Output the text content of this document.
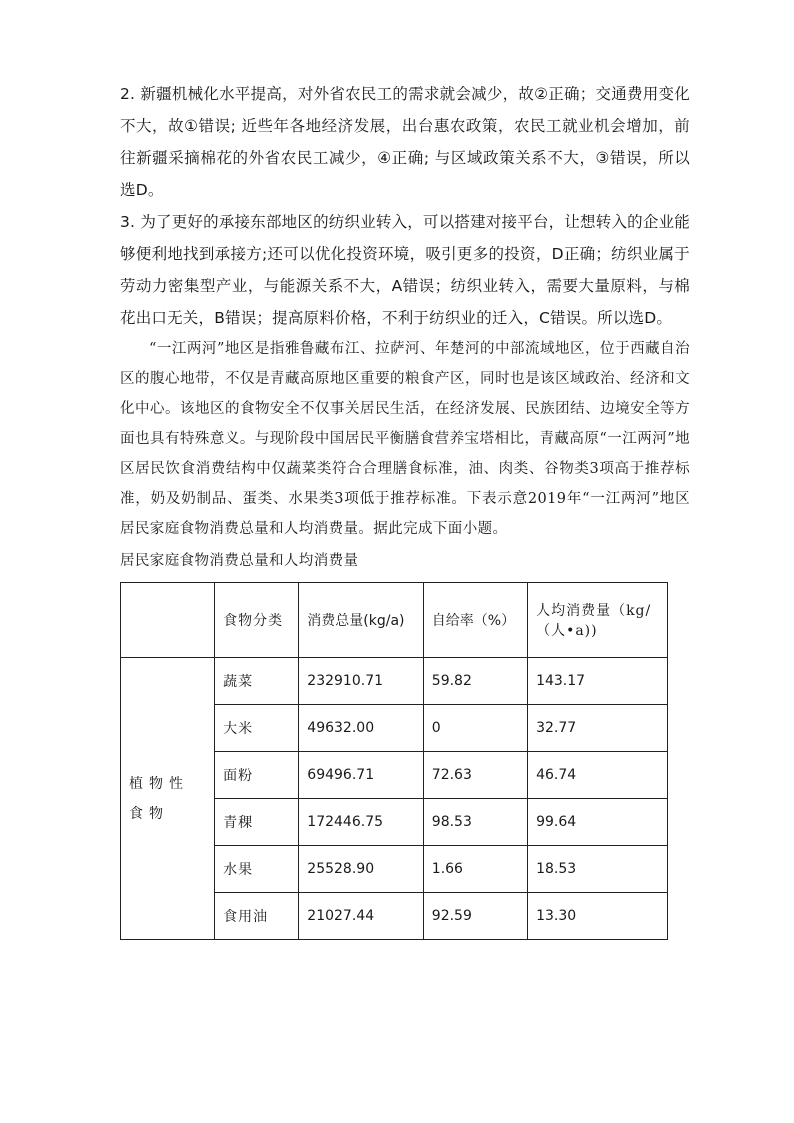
2. 新疆机械化水平提高，对外省农民工的需求就会减少，故②正确；交通费用变化不大，故①错误; 近些年各地经济发展，出台惠农政策，农民工就业机会增加，前往新疆采摘棉花的外省农民工减少，④正确; 与区域政策关系不大，③错误，所以选D。

3. 为了更好的承接东部地区的纺织业转入，可以搭建对接平台，让想转入的企业能够便利地找到承接方;还可以优化投资环境，吸引更多的投资，D正确；纺织业属于劳动力密集型产业，与能源关系不大，A错误；纺织业转入，需要大量原料，与棉花出口无关，B错误；提高原料价格，不利于纺织业的迁入，C错误。所以选D。

“一江两河”地区是指雅鲁藏布江、拉萨河、年楚河的中部流域地区，位于西藏自治区的腹心地带，不仅是青藏高原地区重要的粮食产区，同时也是该区域政治、经济和文化中心。该地区的食物安全不仅事关居民生活，在经济发展、民族团结、边境安全等方面也具有特殊意义。与现阶段中国居民平衡膳食营养宝塔相比，青藏高原“一江两河”地区居民饮食消费结构中仅蔬菜类符合合理膳食标准，油、肉类、谷物类3项高于推荐标准，奶及奶制品、蛋类、水果类3项低于推荐标准。下表示意2019年“一江两河”地区居民家庭食物消费总量和人均消费量。据此完成下面小题。

居民家庭食物消费总量和人均消费量

	食物分类	消费总量(kg/a)	自给率（%）	人均消费量（kg/（人•a))
植物性食物	蔬菜	232910.71	59.82	143.17
	大米	49632.00	0	32.77
	面粉	69496.71	72.63	46.74
	青稞	172446.75	98.53	99.64
	水果	25528.90	1.66	18.53
	食用油	21027.44	92.59	13.30
